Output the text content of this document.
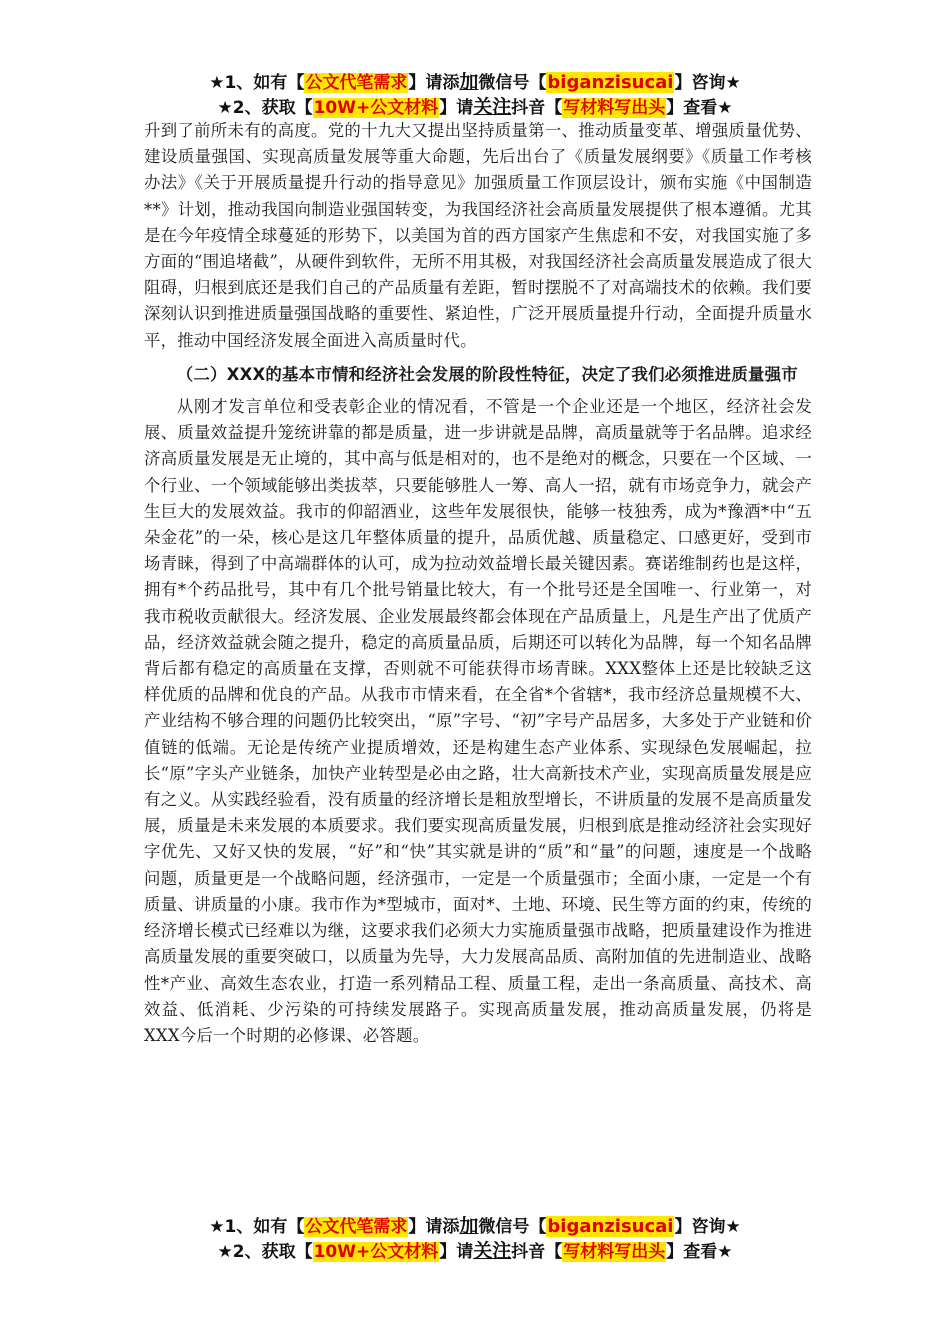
★1、如有【公文代笔需求】请添加微信号【biganzisucai】咨询★
★2、获取【10W+公文材料】请关注抖音【写材料写出头】查看★

升到了前所未有的高度。党的十九大又提出坚持质量第一、推动质量变革、增强质量优势、建设质量强国、实现高质量发展等重大命题，先后出台了《质量发展纲要》《质量工作考核办法》《关于开展质量提升行动的指导意见》加强质量工作顶层设计，颁布实施《中国制造**》计划，推动我国向制造业强国转变，为我国经济社会高质量发展提供了根本遵循。尤其是在今年疫情全球蔓延的形势下，以美国为首的西方国家产生焦虑和不安，对我国实施了多方面的“围追堵截”，从硬件到软件，无所不用其极，对我国经济社会高质量发展造成了很大阻碍，归根到底还是我们自己的产品质量有差距，暂时摆脱不了对高端技术的依赖。我们要深刻认识到推进质量强国战略的重要性、紧迫性，广泛开展质量提升行动，全面提升质量水平，推动中国经济发展全面进入高质量时代。

（二）XXX的基本市情和经济社会发展的阶段性特征，决定了我们必须推进质量强市

从刚才发言单位和受表彰企业的情况看，不管是一个企业还是一个地区，经济社会发展、质量效益提升笼统讲靠的都是质量，进一步讲就是品牌，高质量就等于名品牌。追求经济高质量发展是无止境的，其中高与低是相对的，也不是绝对的概念，只要在一个区域、一个行业、一个领域能够出类拔萃，只要能够胜人一筹、高人一招，就有市场竞争力，就会产生巨大的发展效益。我市的仰韶酒业，这些年发展很快，能够一枝独秀，成为*豫酒*中“五朵金花”的一朵，核心是这几年整体质量的提升，品质优越、质量稳定、口感更好，受到市场青睐，得到了中高端群体的认可，成为拉动效益增长最关键因素。赛诺维制药也是这样，拥有*个药品批号，其中有几个批号销量比较大，有一个批号还是全国唯一、行业第一，对我市税收贡献很大。经济发展、企业发展最终都会体现在产品质量上，凡是生产出了优质产品，经济效益就会随之提升，稳定的高质量品质，后期还可以转化为品牌，每一个知名品牌背后都有稳定的高质量在支撑，否则就不可能获得市场青睐。XXX整体上还是比较缺乏这样优质的品牌和优良的产品。从我市市情来看，在全省*个省辖*，我市经济总量规模不大、产业结构不够合理的问题仍比较突出，“原”字号、“初”字号产品居多，大多处于产业链和价值链的低端。无论是传统产业提质增效，还是构建生态产业体系、实现绿色发展崛起，拉长“原”字头产业链条，加快产业转型是必由之路，壮大高新技术产业，实现高质量发展是应有之义。从实践经验看，没有质量的经济增长是粗放型增长，不讲质量的发展不是高质量发展，质量是未来发展的本质要求。我们要实现高质量发展，归根到底是推动经济社会实现好字优先、又好又快的发展，“好”和“快”其实就是讲的“质”和“量”的问题，速度是一个战略问题，质量更是一个战略问题，经济强市，一定是一个质量强市；全面小康，一定是一个有质量、讲质量的小康。我市作为*型城市，面对*、土地、环境、民生等方面的约束，传统的经济增长模式已经难以为继，这要求我们必须大力实施质量强市战略，把质量建设作为推进高质量发展的重要突破口，以质量为先导，大力发展高品质、高附加值的先进制造业、战略性*产业、高效生态农业，打造一系列精品工程、质量工程，走出一条高质量、高技术、高效益、低消耗、少污染的可持续发展路子。实现高质量发展，推动高质量发展，仍将是XXX今后一个时期的必修课、必答题。

★1、如有【公文代笔需求】请添加微信号【biganzisucai】咨询★
★2、获取【10W+公文材料】请关注抖音【写材料写出头】查看★
